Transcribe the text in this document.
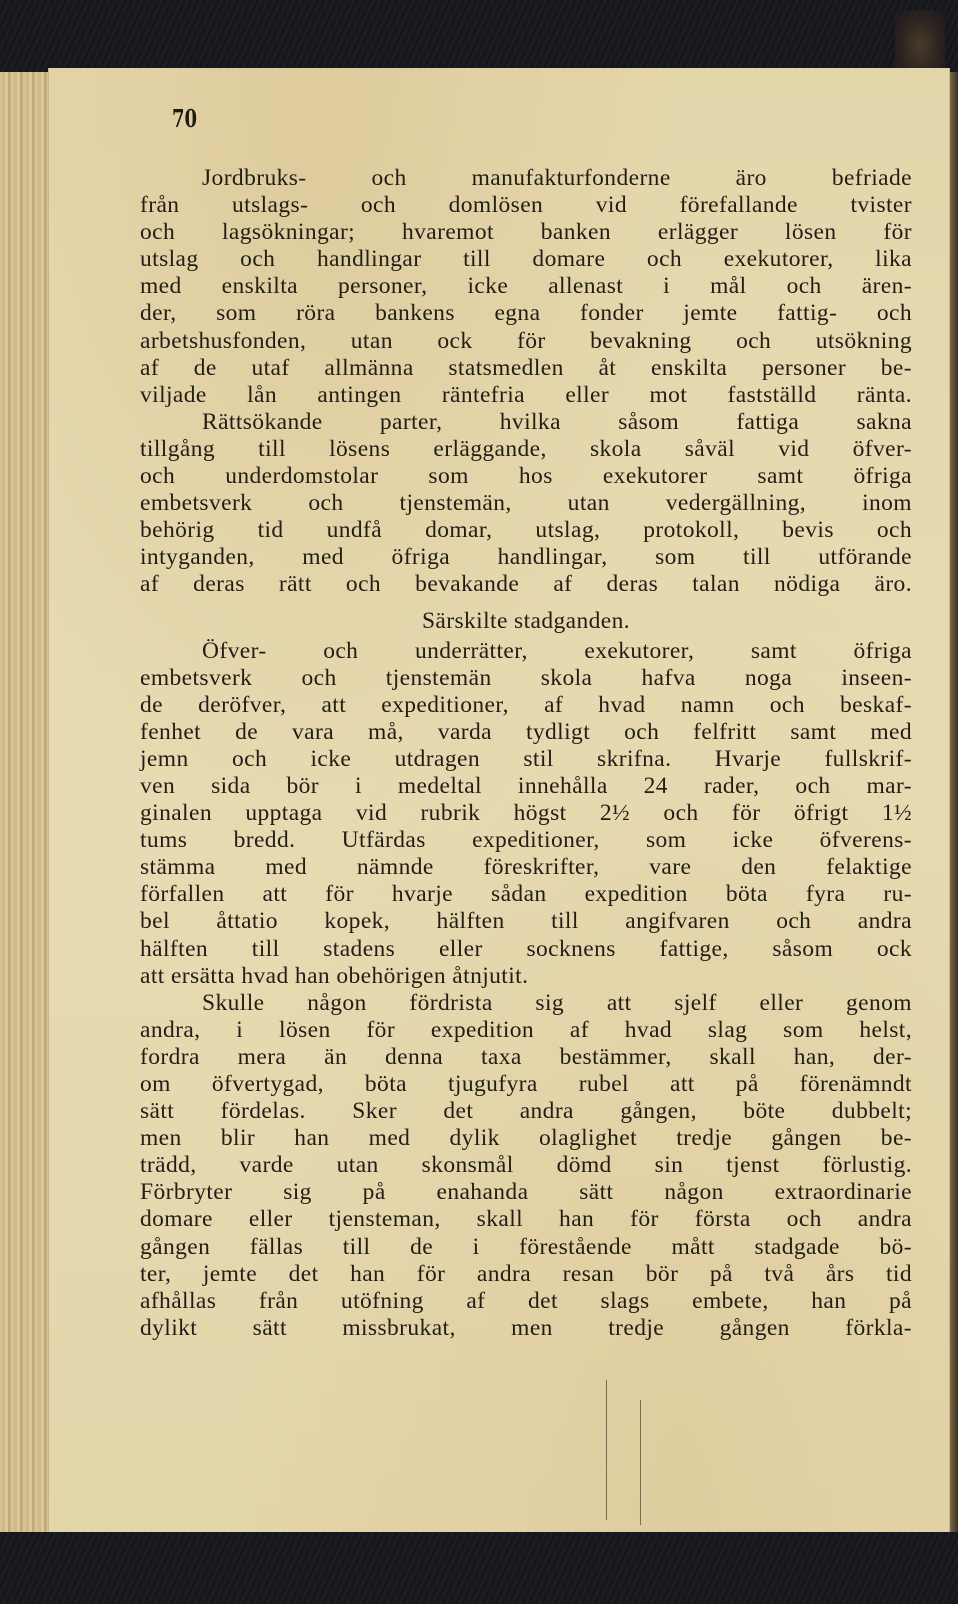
70
Jordbruks- och manufakturfonderne äro befriade
från utslags- och domlösen vid förefallande tvister
och lagsökningar; hvaremot banken erlägger lösen för
utslag och handlingar till domare och exekutorer, lika
med enskilta personer, icke allenast i mål och ären-
der, som röra bankens egna fonder jemte fattig- och
arbetshusfonden, utan ock för bevakning och utsökning
af de utaf allmänna statsmedlen åt enskilta personer be-
viljade lån antingen räntefria eller mot fastställd ränta.
Rättsökande parter, hvilka såsom fattiga sakna
tillgång till lösens erläggande, skola såväl vid öfver-
och underdomstolar som hos exekutorer samt öfriga
embetsverk och tjenstemän, utan vedergällning, inom
behörig tid undfå domar, utslag, protokoll, bevis och
intyganden, med öfriga handlingar, som till utförande
af deras rätt och bevakande af deras talan nödiga äro.
Särskilte stadganden.
Öfver- och underrätter, exekutorer, samt öfriga
embetsverk och tjenstemän skola hafva noga inseen-
de deröfver, att expeditioner, af hvad namn och beskaf-
fenhet de vara må, varda tydligt och felfritt samt med
jemn och icke utdragen stil skrifna. Hvarje fullskrif-
ven sida bör i medeltal innehålla 24 rader, och mar-
ginalen upptaga vid rubrik högst 2½ och för öfrigt 1½
tums bredd. Utfärdas expeditioner, som icke öfverens-
stämma med nämnde föreskrifter, vare den felaktige
förfallen att för hvarje sådan expedition böta fyra ru-
bel åttatio kopek, hälften till angifvaren och andra
hälften till stadens eller socknens fattige, såsom ock
att ersätta hvad han obehörigen åtnjutit.
Skulle någon fördrista sig att sjelf eller genom
andra, i lösen för expedition af hvad slag som helst,
fordra mera än denna taxa bestämmer, skall han, der-
om öfvertygad, böta tjugufyra rubel att på förenämndt
sätt fördelas. Sker det andra gången, böte dubbelt;
men blir han med dylik olaglighet tredje gången be-
trädd, varde utan skonsmål dömd sin tjenst förlustig.
Förbryter sig på enahanda sätt någon extraordinarie
domare eller tjensteman, skall han för första och andra
gången fällas till de i förestående mått stadgade bö-
ter, jemte det han för andra resan bör på två års tid
afhållas från utöfning af det slags embete, han på
dylikt sätt missbrukat, men tredje gången förkla-
